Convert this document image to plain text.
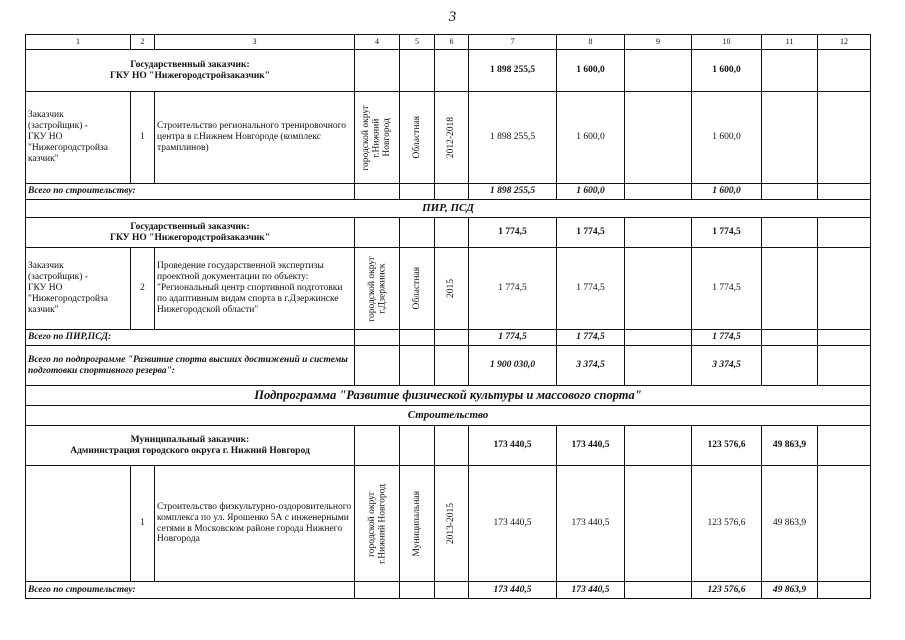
3
1	2	3	4	5	6	7	8	9	10	11	12
Государственный заказчик:
ГКУ НО "Нижегородстройзаказчик"						1 898 255,5	1 600,0		1 600,0		
Заказчик
(застройщик) -
ГКУ НО
"Нижегородстройза
казчик"	1	Строительство регионального тренировочного центра в г.Нижнем Новгороде (комплекс трамплинов)	городской округ
г.Нижний
Новгород	Областная	2012-2018	1 898 255,5	1 600,0		1 600,0		
Всего по строительству:						1 898 255,5	1 600,0		1 600,0		
ПИР, ПСД											
Государственный заказчик:
ГКУ НО "Нижегородстройзаказчик"						1 774,5	1 774,5		1 774,5		
Заказчик
(застройщик) -
ГКУ НО
"Нижегородстройза
казчик"	2	Проведение государственной экспертизы проектной документации по объекту: "Региональный центр спортивной подготовки по адаптивным видам спорта в г.Дзержинске Нижегородской области"	городской округ
г.Дзержинск	Областная	2015	1 774,5	1 774,5		1 774,5		
Всего по ПИР,ПСД:						1 774,5	1 774,5		1 774,5		
Всего по подпрограмме "Развитие спорта высших достижений и системы подготовки спортивного резерва":						1 900 030,0	3 374,5		3 374,5		
Подпрограмма "Развитие физической культуры и массового спорта"											
Строительство											
Муниципальный заказчик:
Администрация городского округа г. Нижний Новгород						173 440,5	173 440,5		123 576,6	49 863,9	
	1	Строительство физкультурно-оздоровительного комплекса по ул. Ярошенко 5А с инженерными сетями в Московском районе города Нижнего Новгорода	городской округ
г.Нижний Новгород	Муниципальная	2013-2015	173 440,5	173 440,5		123 576,6	49 863,9	
Всего по строительству:						173 440,5	173 440,5		123 576,6	49 863,9	
